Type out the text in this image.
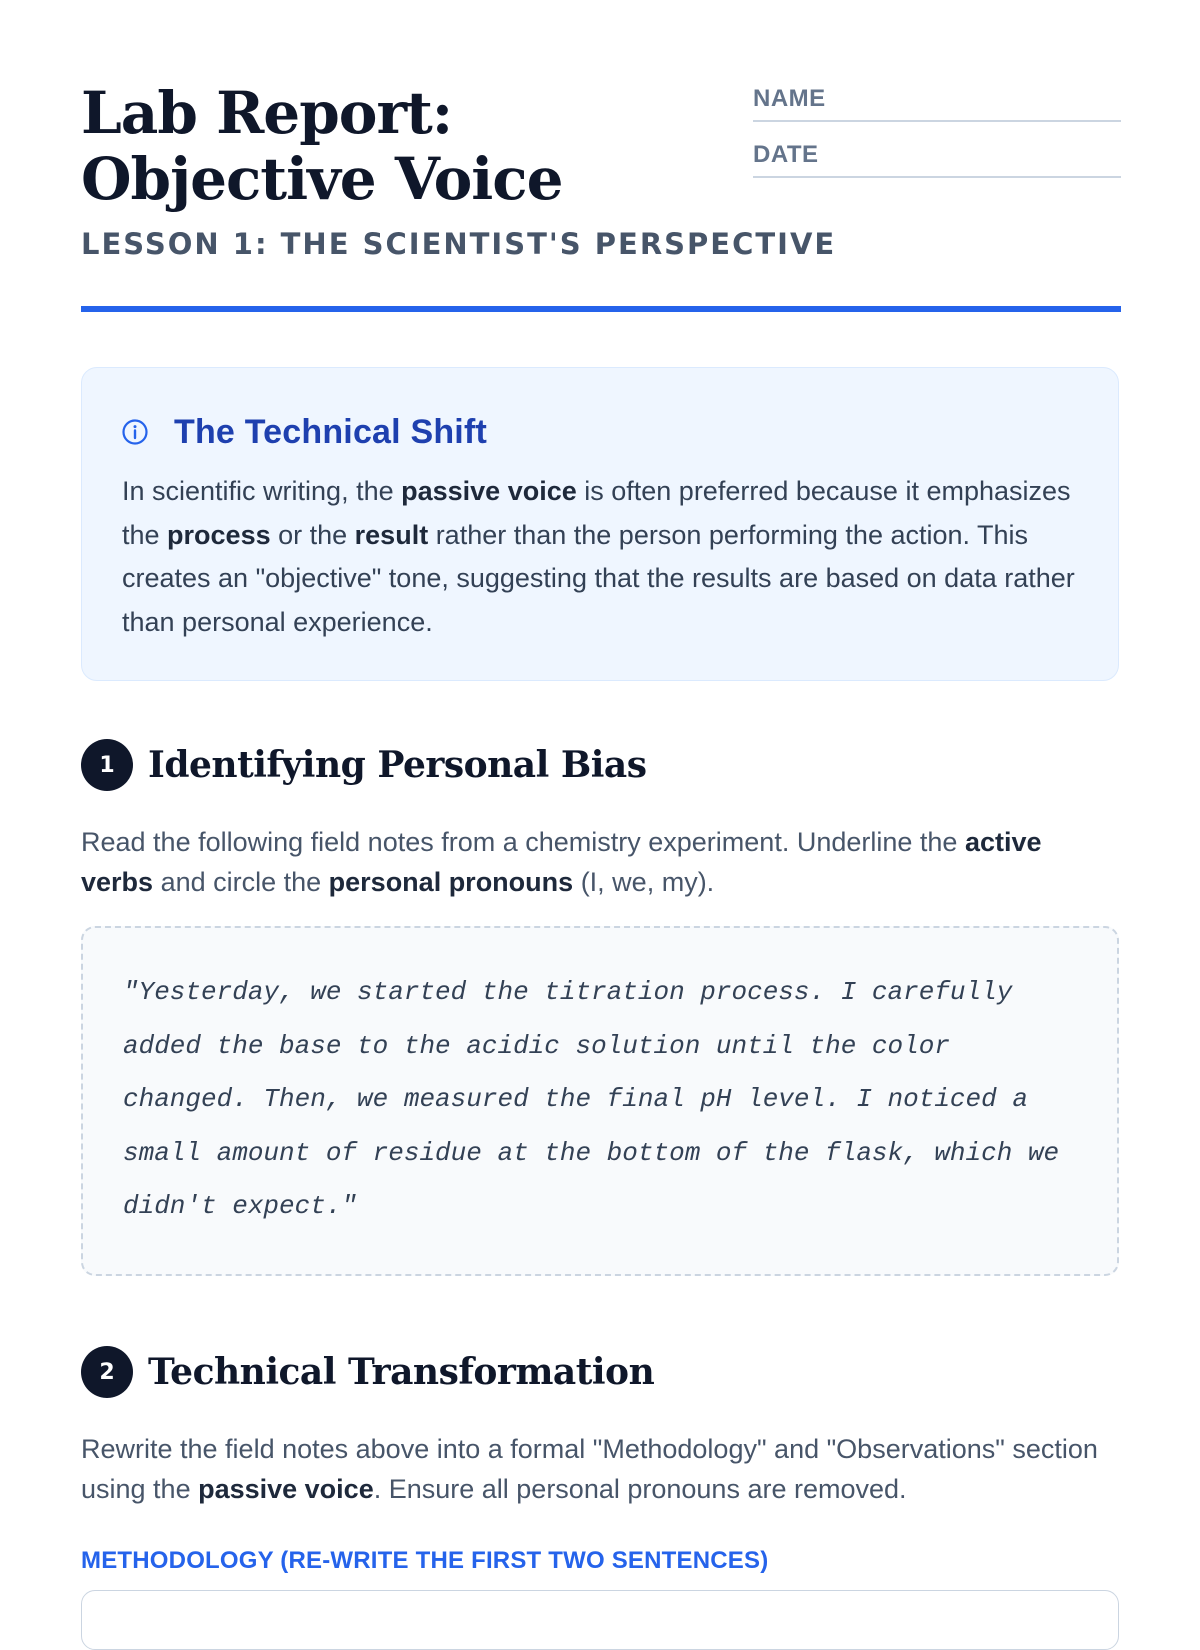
Lab Report: Objective Voice
LESSON 1: THE SCIENTIST'S PERSPECTIVE
NAME
DATE
The Technical Shift

In scientific writing, the passive voice is often preferred because it emphasizes the process or the result rather than the person performing the action. This creates an "objective" tone, suggesting that the results are based on data rather than personal experience.

1 Identifying Personal Bias

Read the following field notes from a chemistry experiment. Underline the active verbs and circle the personal pronouns (I, we, my).

"Yesterday, we started the titration process. I carefully added the base to the acidic solution until the color changed. Then, we measured the final pH level. I noticed a small amount of residue at the bottom of the flask, which we didn't expect."

2 Technical Transformation

Rewrite the field notes above into a formal "Methodology" and "Observations" section using the passive voice. Ensure all personal pronouns are removed.

METHODOLOGY (RE-WRITE THE FIRST TWO SENTENCES)
